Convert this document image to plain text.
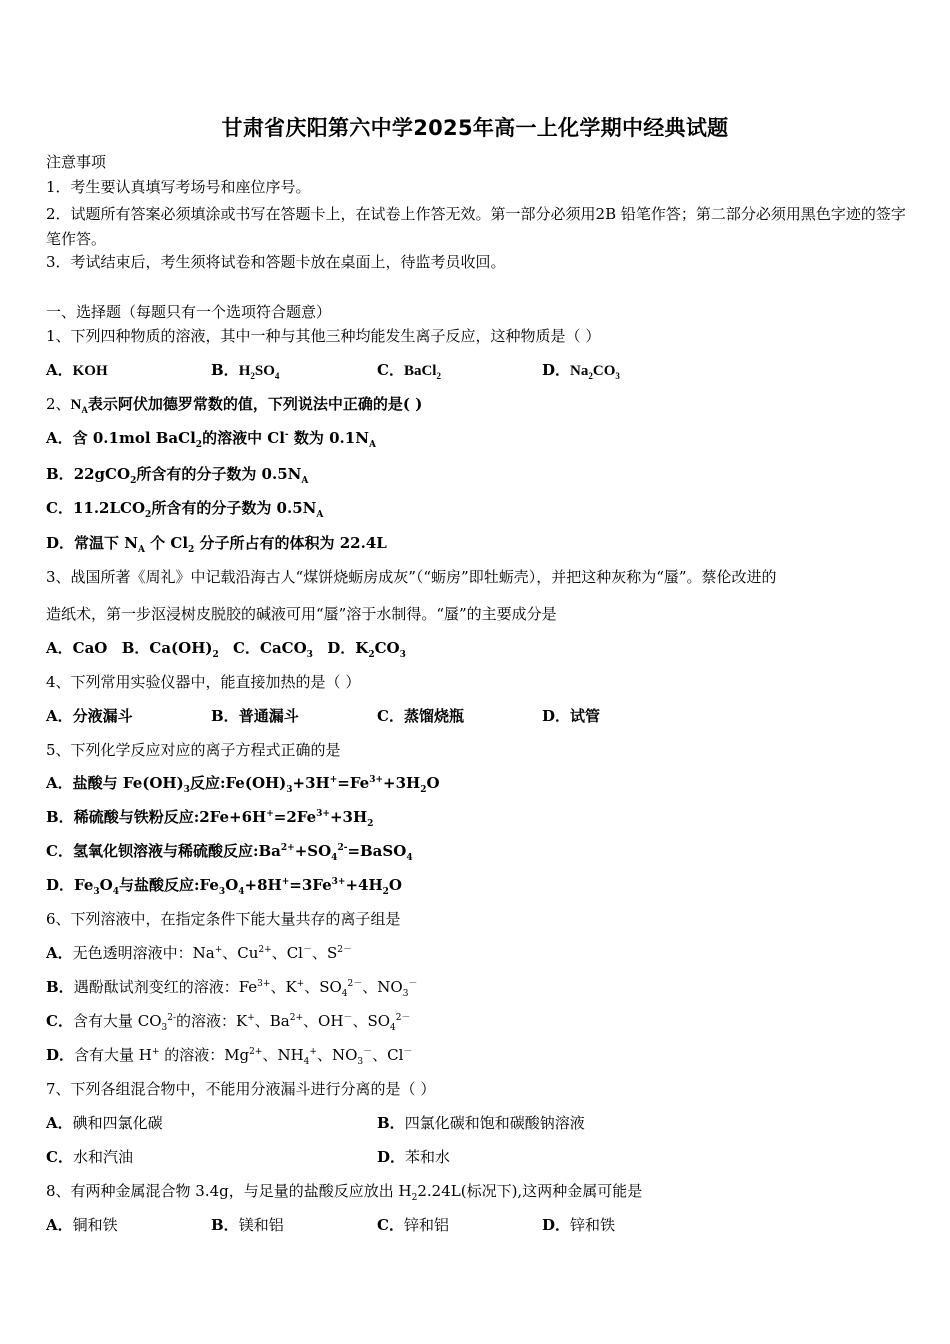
甘肃省庆阳第六中学2025年高一上化学期中经典试题
注意事项
1．考生要认真填写考场号和座位序号。
2．试题所有答案必须填涂或书写在答题卡上，在试卷上作答无效。第一部分必须用2B 铅笔作答；第二部分必须用黑色字迹的签字笔作答。
3．考试结束后，考生须将试卷和答题卡放在桌面上，待监考员收回。
一、选择题（每题只有一个选项符合题意）
1、下列四种物质的溶液，其中一种与其他三种均能发生离子反应，这种物质是（ ）
A．KOH	B．$H_2SO_4$	C．BaCl$_2$	D．$Na_2CO_3$
2、$N_A$表示阿伏加德罗常数的值，下列说法中正确的是( )
A．含 0.1mol BaCl$_2$的溶液中 Cl- 数为 $0.1N_A$
B．22gCO$_2$所含有的分子数为 $0.5N_A$
C．$11.2LCO_2$所含有的分子数为 $0.5N_A$
D．常温下 $N_A$ 个 $Cl_2$ 分子所占有的体积为 22.4L
3、战国所著《周礼》中记载沿海古人“煤饼烧蛎房成灰”（“蛎房”即牡蛎壳），并把这种灰称为“蜃”。蔡伦改进的
造纸术，第一步沤浸树皮脱胶的碱液可用“蜃”溶于水制得。“蜃”的主要成分是
A．CaO B．$Ca(OH)_2$ C．CaCO$_3$ D．$K_2CO_3$
4、下列常用实验仪器中，能直接加热的是（ ）
A．分液漏斗	B．普通漏斗	C．蒸馏烧瓶	D．试管
5、下列化学反应对应的离子方程式正确的是
A．盐酸与 $Fe(OH)_3$反应$:Fe(OH)_3+3H^+=Fe^{3+}+3H_2O$
B．稀硫酸与铁粉反应$:2Fe+6H^+=2Fe^{3+}+3H_2$
C．氢氧化钡溶液与稀硫酸反应$:Ba^{2+}+SO_4^{2-}=BaSO_4$
D．$Fe_3O_4$与盐酸反应$:Fe_3O_4+8H^+=3Fe^{3+}+4H_2O$
6、下列溶液中，在指定条件下能大量共存的离子组是
A．无色透明溶液中：Na+、$Cu^{2+}$、Cl－、$S^{2-}$
B．遇酚酞试剂变红的溶液：$Fe^{3+}$、K+、$SO_4^{2-}$、$NO_3^-$
C．含有大量 $CO_3^{2-}$的溶液：K+、$Ba^{2+}$、OH－、$SO_4^{2-}$
D．含有大量 H+ 的溶液：$Mg^{2+}$、$NH_4^+$、$NO_3^-$、Cl－
7、下列各组混合物中，不能用分液漏斗进行分离的是（ ）
A．碘和四氯化碳	B．四氯化碳和饱和碳酸钠溶液
C．水和汽油	D．苯和水
8、有两种金属混合物 3.4g，与足量的盐酸反应放出 $H_22.24L$(标况下),这两种金属可能是
A．铜和铁	B．镁和铝	C．锌和铝	D．锌和铁
